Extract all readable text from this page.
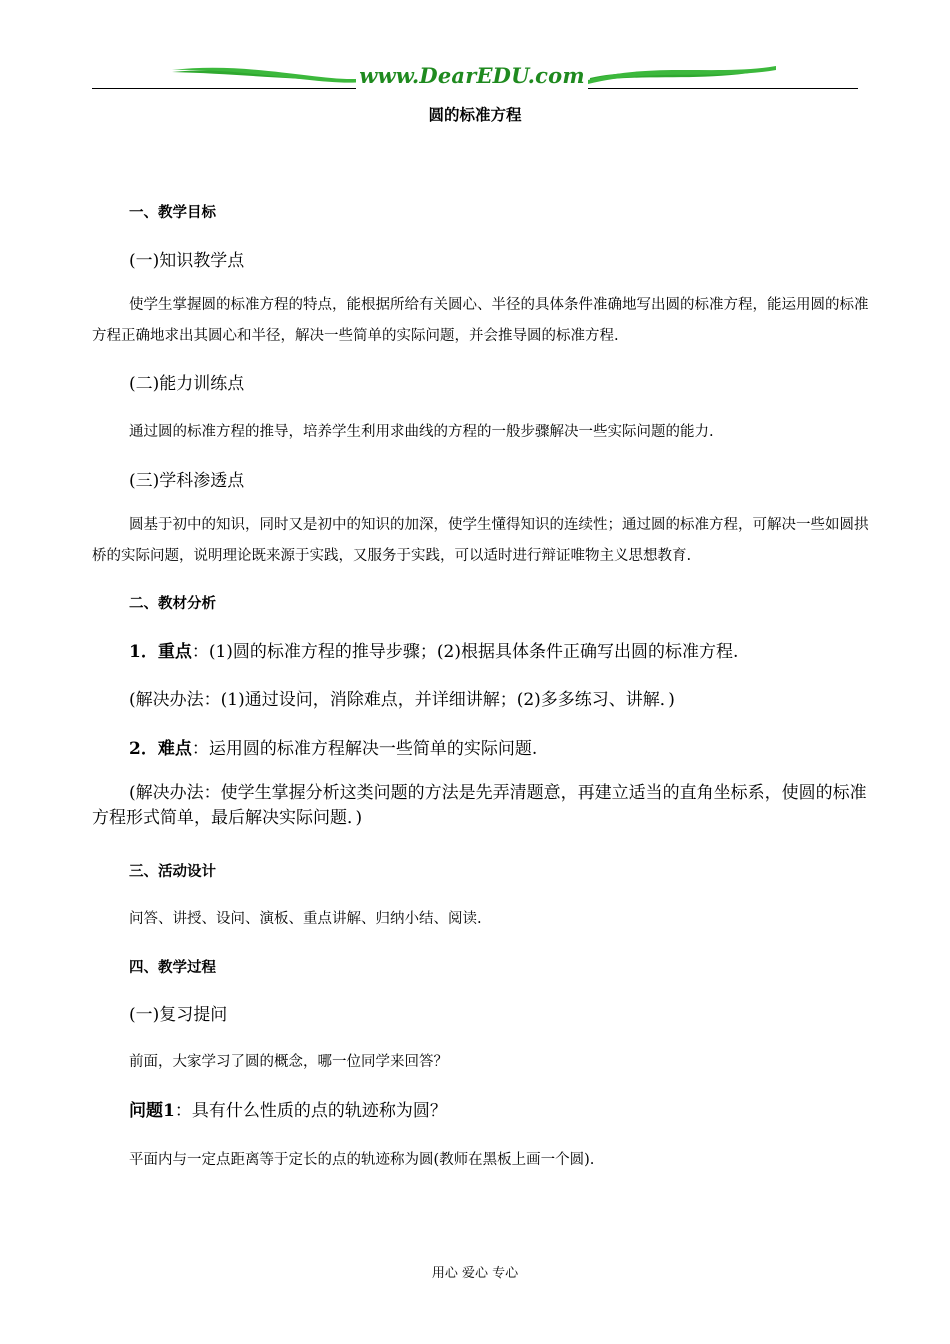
www.DearEDU.com
圆的标准方程
一、教学目标
(一)知识教学点

使学生掌握圆的标准方程的特点，能根据所给有关圆心、半径的具体条件准确地写出圆的标准方程，能运用圆的标准方程正确地求出其圆心和半径，解决一些简单的实际问题，并会推导圆的标准方程.

(二)能力训练点
通过圆的标准方程的推导，培养学生利用求曲线的方程的一般步骤解决一些实际问题的能力.
(三)学科渗透点

圆基于初中的知识，同时又是初中的知识的加深，使学生懂得知识的连续性；通过圆的标准方程，可解决一些如圆拱桥的实际问题，说明理论既来源于实践，又服务于实践，可以适时进行辩证唯物主义思想教育.

二、教材分析
1．重点：(1)圆的标准方程的推导步骤；(2)根据具体条件正确写出圆的标准方程.
(解决办法：(1)通过设问，消除难点，并详细讲解；(2)多多练习、讲解．)
2．难点：运用圆的标准方程解决一些简单的实际问题.

(解决办法：使学生掌握分析这类问题的方法是先弄清题意，再建立适当的直角坐标系，使圆的标准方程形式简单，最后解决实际问题．)

三、活动设计
问答、讲授、设问、演板、重点讲解、归纳小结、阅读.
四、教学过程
(一)复习提问
前面，大家学习了圆的概念，哪一位同学来回答？
问题1：具有什么性质的点的轨迹称为圆？
平面内与一定点距离等于定长的点的轨迹称为圆(教师在黑板上画一个圆).
用心 爱心 专心
